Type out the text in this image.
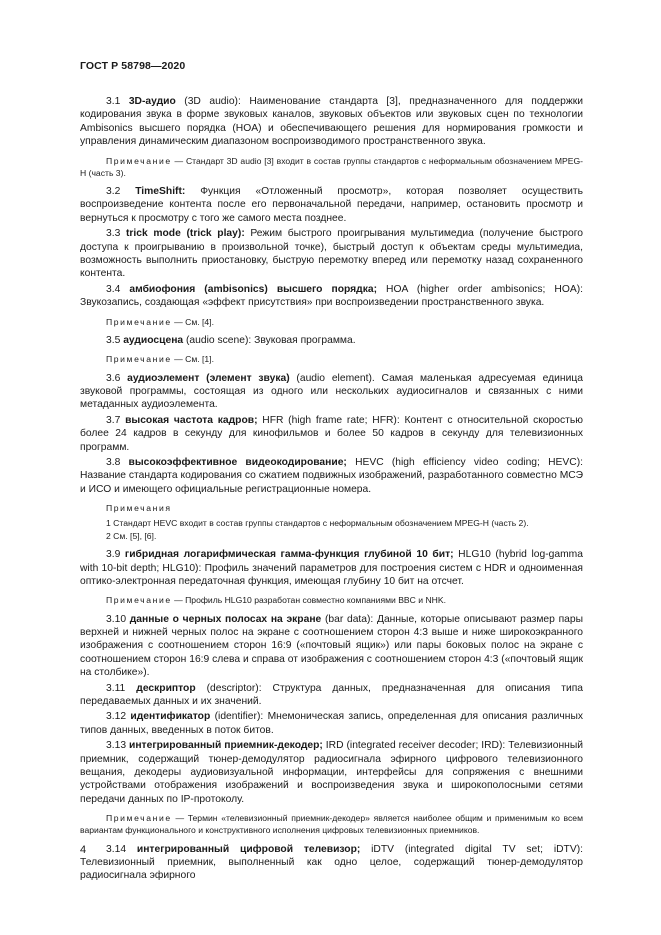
ГОСТ Р 58798—2020

3.1 3D-аудио (3D audio): Наименование стандарта [3], предназначенного для поддержки кодирования звука в форме звуковых каналов, звуковых объектов или звуковых сцен по технологии Ambisonics высшего порядка (HOA) и обеспечивающего решения для нормирования громкости и управления динамическим диапазоном воспроизводимого пространственного звука.

Примечание — Стандарт 3D audio [3] входит в состав группы стандартов с неформальным обозначением MPEG-H (часть 3).

3.2 TimeShift: Функция «Отложенный просмотр», которая позволяет осуществить воспроизведение контента после его первоначальной передачи, например, остановить просмотр и вернуться к просмотру с того же самого места позднее.

3.3 trick mode (trick play): Режим быстрого проигрывания мультимедиа (получение быстрого доступа к проигрыванию в произвольной точке), быстрый доступ к объектам среды мультимедиа, возможность выполнить приостановку, быструю перемотку вперед или перемотку назад сохраненного контента.

3.4 амбиофония (ambisonics) высшего порядка; HOA (higher order ambisonics; HOA): Звукозапись, создающая «эффект присутствия» при воспроизведении пространственного звука.

Примечание — См. [4].

3.5 аудиосцена (audio scene): Звуковая программа.

Примечание — См. [1].

3.6 аудиоэлемент (элемент звука) (audio element). Самая маленькая адресуемая единица звуковой программы, состоящая из одного или нескольких аудиосигналов и связанных с ними метаданных аудиоэлемента.

3.7 высокая частота кадров; HFR (high frame rate; HFR): Контент с относительной скоростью более 24 кадров в секунду для кинофильмов и более 50 кадров в секунду для телевизионных программ.

3.8 высокоэффективное видеокодирование; HEVC (high efficiency video coding; HEVC): Название стандарта кодирования со сжатием подвижных изображений, разработанного совместно МСЭ и ИСО и имеющего официальные регистрационные номера.

Примечания

1 Стандарт HEVC входит в состав группы стандартов с неформальным обозначением MPEG-H (часть 2).

2 См. [5], [6].

3.9 гибридная логарифмическая гамма-функция глубиной 10 бит; HLG10 (hybrid log-gamma with 10-bit depth; HLG10): Профиль значений параметров для построения систем с HDR и одноименная оптико-электронная передаточная функция, имеющая глубину 10 бит на отсчет.

Примечание — Профиль HLG10 разработан совместно компаниями BBC и NHK.

3.10 данные о черных полосах на экране (bar data): Данные, которые описывают размер пары верхней и нижней черных полос на экране с соотношением сторон 4:3 выше и ниже широкоэкранного изображения с соотношением сторон 16:9 («почтовый ящик») или пары боковых полос на экране с соотношением сторон 16:9 слева и справа от изображения с соотношением сторон 4:3 («почтовый ящик на столбике»).

3.11 дескриптор (descriptor): Структура данных, предназначенная для описания типа передаваемых данных и их значений.

3.12 идентификатор (identifier): Мнемоническая запись, определенная для описания различных типов данных, введенных в поток битов.

3.13 интегрированный приемник-декодер; IRD (integrated receiver decoder; IRD): Телевизионный приемник, содержащий тюнер-демодулятор радиосигнала эфирного цифрового телевизионного вещания, декодеры аудиовизуальной информации, интерфейсы для сопряжения с внешними устройствами отображения изображений и воспроизведения звука и широкополосными сетями передачи данных по IP-протоколу.

Примечание — Термин «телевизионный приемник-декодер» является наиболее общим и применимым ко всем вариантам функционального и конструктивного исполнения цифровых телевизионных приемников.

3.14 интегрированный цифровой телевизор; iDTV (integrated digital TV set; iDTV): Телевизионный приемник, выполненный как одно целое, содержащий тюнер-демодулятор радиосигнала эфирного

4
